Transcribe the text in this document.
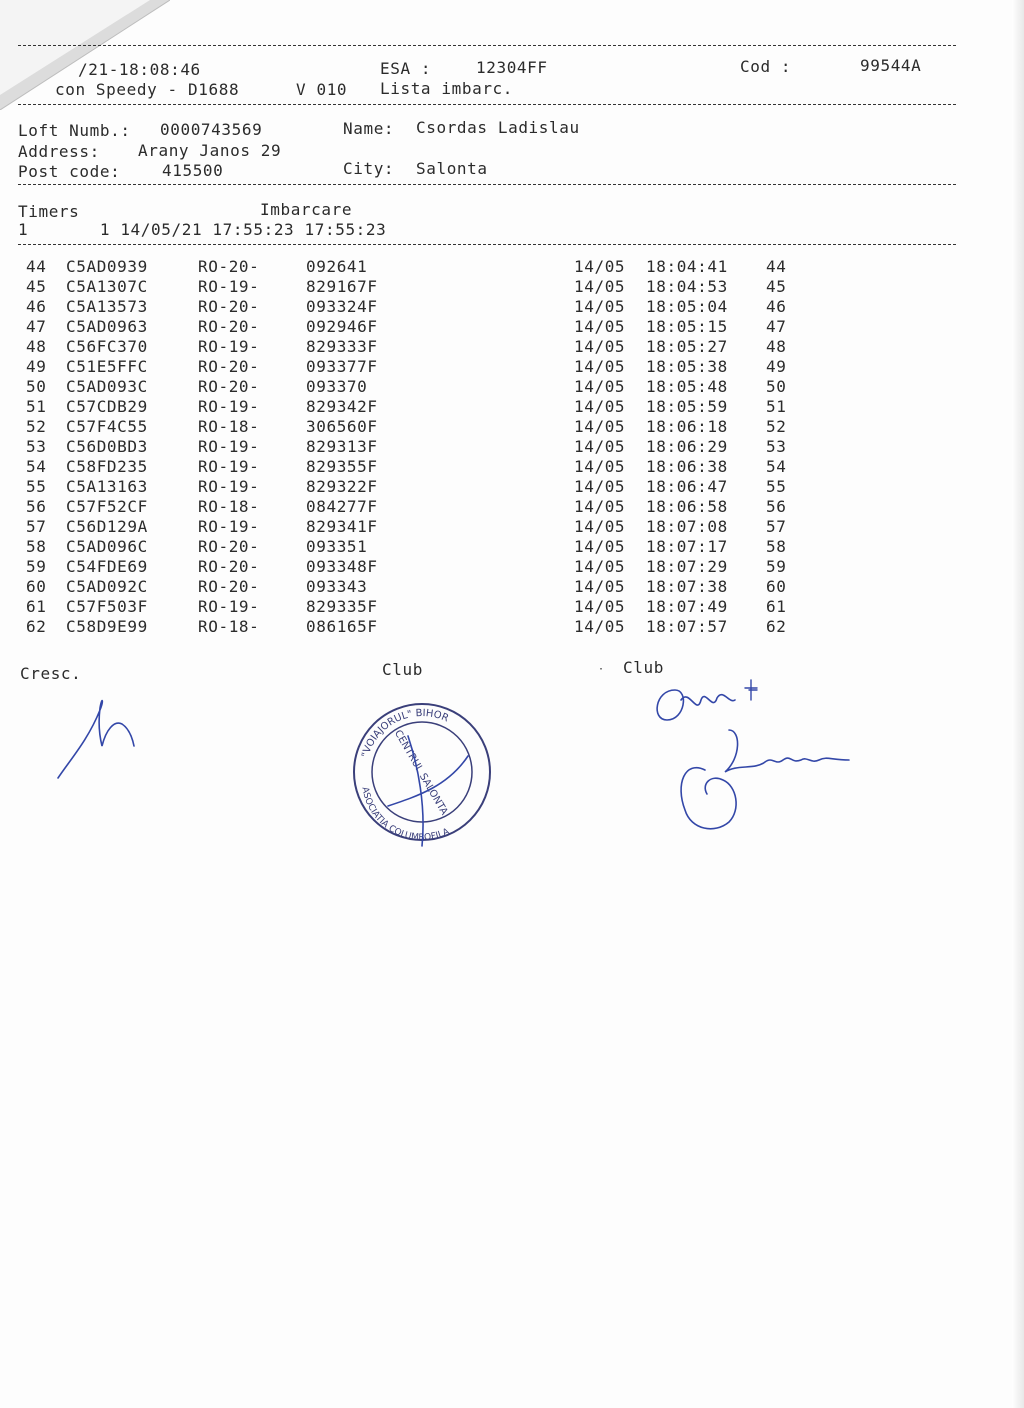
/21-18:08:46	ESA :	12304FF	Cod :	99544A
con Speedy - D1688	V 010 Lista imbarc.
Loft Numb.: 0000743569	Name: Csordas Ladislau
Address: Arany Janos 29
Post code:	415500	City: Salonta
Timers	Imbarcare
1       1 14/05/21 17:55:23 17:55:23
44	C5AD0939	RO-20-	092641	14/05	18:04:41	44
45	C5A1307C	RO-19-	829167F	14/05	18:04:53	45
46	C5A13573	RO-20-	093324F	14/05	18:05:04	46
47	C5AD0963	RO-20-	092946F	14/05	18:05:15	47
48	C56FC370	RO-19-	829333F	14/05	18:05:27	48
49	C51E5FFC	RO-20-	093377F	14/05	18:05:38	49
50	C5AD093C	RO-20-	093370	14/05	18:05:48	50
51	C57CDB29	RO-19-	829342F	14/05	18:05:59	51
52	C57F4C55	RO-18-	306560F	14/05	18:06:18	52
53	C56D0BD3	RO-19-	829313F	14/05	18:06:29	53
54	C58FD235	RO-19-	829355F	14/05	18:06:38	54
55	C5A13163	RO-19-	829322F	14/05	18:06:47	55
56	C57F52CF	RO-18-	084277F	14/05	18:06:58	56
57	C56D129A	RO-19-	829341F	14/05	18:07:08	57
58	C5AD096C	RO-20-	093351	14/05	18:07:17	58
59	C54FDE69	RO-20-	093348F	14/05	18:07:29	59
60	C5AD092C	RO-20-	093343	14/05	18:07:38	60
61	C57F503F	RO-19-	829335F	14/05	18:07:49	61
62	C58D9E99	RO-18-	086165F	14/05	18:07:57	62
Cresc.	Club	· Club
"VOIAJORUL" BIHOR
ASOCIATIA COLUMBOFILA
CENTRUL SALONTA
